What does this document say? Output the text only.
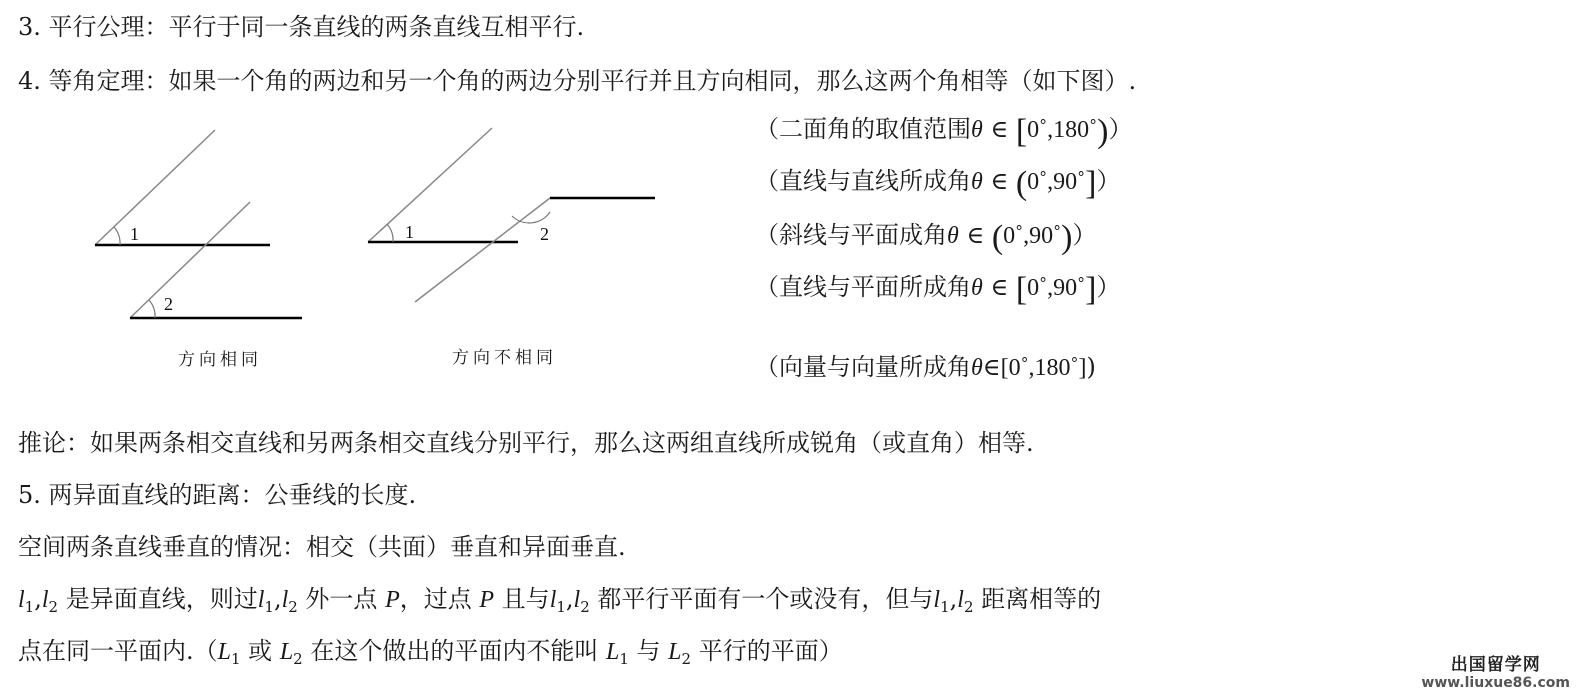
3. 平行公理：平行于同一条直线的两条直线互相平行.
4. 等角定理：如果一个角的两边和另一个角的两边分别平行并且方向相同，那么这两个角相等（如下图）.
1
2
方向相同
1	2
方向不相同
（二面角的取值范围θ ∈ [0˚,180˚)）
（直线与直线所成角θ ∈ (0˚,90˚]）
（斜线与平面成角θ ∈ (0˚,90˚)）
（直线与平面所成角θ ∈ [0˚,90˚]）
（向量与向量所成角θ∈[0˚,180˚])
推论：如果两条相交直线和另两条相交直线分别平行，那么这两组直线所成锐角（或直角）相等.
5. 两异面直线的距离：公垂线的长度.
空间两条直线垂直的情况：相交（共面）垂直和异面垂直.
$l_1,l_2$ 是异面直线，则过$l_1,l_2$ 外一点 P，过点 P 且与$l_1,l_2$ 都平行平面有一个或没有，但与$l_1,l_2$ 距离相等的
点在同一平面内$.(L_1$ 或 $L_2$ 在这个做出的平面内不能叫 $L_1$ 与 $L_2$ 平行的平面）	出国留学网
www.liuxue86.com
